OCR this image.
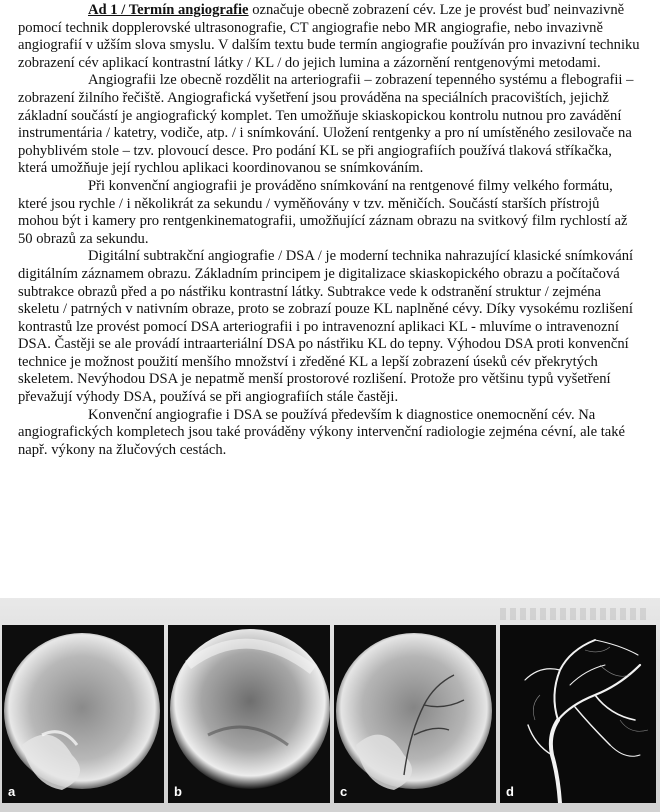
Ad 1 / Termín angiografie označuje obecně zobrazení cév. Lze je provést buď neinvazivně pomocí technik dopplerovské ultrasonografie, CT angiografie nebo MR angiografie, nebo invazivně angiografií v užším slova smyslu. V dalším textu bude termín angiografie používán pro invazivní techniku zobrazení cév aplikací kontrastní látky / KL / do jejich lumina a zázornění rentgenovými metodami.

Angiografii lze obecně rozdělit na arteriografii – zobrazení tepenného systému a flebografii – zobrazení žilního řečiště. Angiografická vyšetření jsou prováděna na speciálních pracovištích, jejichž základní součástí je angiografický komplet. Ten umožňuje skiaskopickou kontrolu nutnou pro zavádění instrumentária / katetry, vodiče, atp. / i snímkování. Uložení rentgenky a pro ní umístěného zesilovače na pohyblivém stole – tzv. plovoucí desce. Pro podání KL se při angiografiích používá tlaková stříkačka, která umožňuje její rychlou aplikaci koordinovanou se snímkováním.

Při konvenční angiografii je prováděno snímkování na rentgenové filmy velkého formátu, které jsou rychle / i několikrát za sekundu / vyměňovány v tzv. měničích. Součástí starších přístrojů mohou být i kamery pro rentgenkinematografii, umožňující záznam obrazu na svitkový film rychlostí až 50 obrazů za sekundu.

Digitální subtrakční angiografie / DSA / je moderní technika nahrazující klasické snímkování digitálním záznamem obrazu. Základním principem je digitalizace skiaskopického obrazu a počítačová subtrakce obrazů před a po nástřiku kontrastní látky. Subtrakce vede k odstranění struktur / zejména skeletu / patrných v nativním obraze, proto se zobrazí pouze KL naplněné cévy. Díky vysokému rozlišení kontrastů lze provést pomocí DSA arteriografii i po intravenozní aplikaci KL - mluvíme o intravenozní DSA. Častěji se ale provádí intraarteriální DSA po nástřiku KL do tepny. Výhodou DSA proti konvenční technice je možnost použití menšího množství i zředěné KL a lepší zobrazení úseků cév překrytých skeletem. Nevýhodou DSA je nepatmě menší prostorové rozlišení. Protože pro většinu typů vyšetření převažují výhody DSA, používá se při angiografiích stále častěji.

Konvenční angiografie i DSA se používá především k diagnostice onemocnění cév. Na angiografických kompletech jsou také prováděny výkony intervenční radiologie zejména cévní, ale také např. výkony na žlučových cestách.

a	b	c	d
